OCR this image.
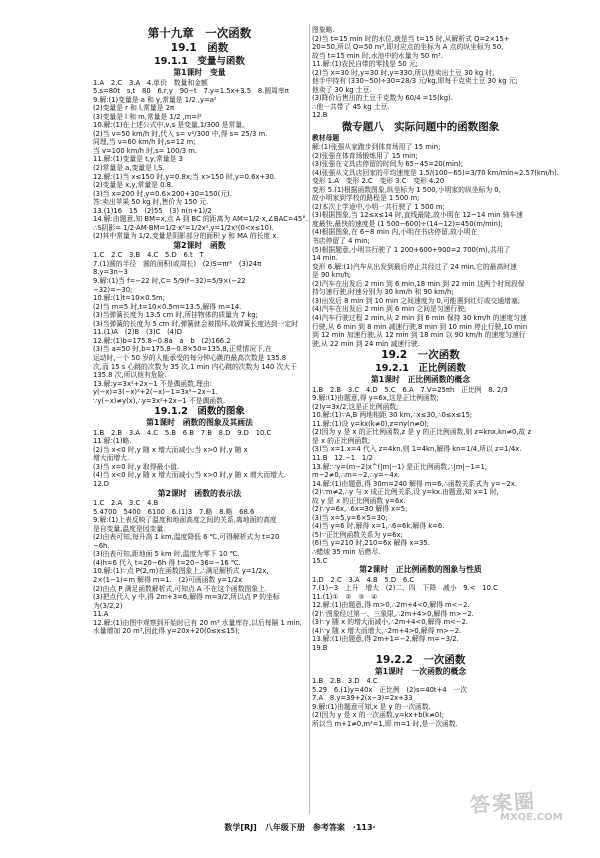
第十九章　一次函数
19.1　函数
19.1.1　变量与函数
第1课时　变量
1.A　2.C　3.A　4.单价　数量和金额
5.s=80t　s,t　80　6.r,y　90−t　7.y=1.5x+3.5　8.圆周率π
9.解:(1)变量是 a 和 y,常量是 1/2 ,y=a²
(2)变量是 r 和 l,常量是 2π
(3)变量是 l 和 m,常量是 1/2 ,m=l²
10.解:(1)在上述公式中,v,s 是变量,1/300 是常量。
(2)当 v=50 km/h 时,代入 s= v²/300 中,得 s= 25/3 m.
同理,当 v=60 km/h 时,s=12 m;
当 v=100 km/h 时,s= 100/3 m.
11.解:(1)变量是 t,y,常量是 3
(2)常量是 a,变量是 l,S.
12.解:(1)当 x≤150 时,y=0.8x;当 x>150 时,y=0.6x+30.
(2)变量是 x,y,常量是 0.8.
(3)当 x=200 时,y=0.6×200+30=150(元).
答:卖出苹果 50 kg 时,售价为 150 元.
13.(1)16　15　(2)55　(3) n(n+1)/2
14.解:由题意,知 BM=x,点 A 到 BC 的距离为 AM=1/2·x,∠BAC=45°.
∴S阴影= 1/2·AM·BM=1/2·x²=1/2x²,y=1/2x²(0<x≤10).
(2)其中常量为 1/2,变量是阴影部分的面积 y 和 MA 的长度 x.
第2课时　函数
1.C　2.C　3.B　4.C　5.D　6.t　T
7.(1)圆的半径　圆的面积(或周长)　(2)S=πr²　(3)24π
8.y=3n−3
9.解:(1)当 f=−22 时,C= 5/9(f−32)=5/9×(−22
−32)=−30;
10.解:(1)t=10×0.5m;
(2)当 m=5 时,t=10×0.5m=13.5,解得 m=14.
(3)当弹簧长度为 13.5 cm 时,所挂物体的质量为 7 kg;
(3)当弹簧的长度为 5 cm 时,弹簧就会被损坏,故弹簧长度达到一定时
11.(1)A　(2)B　(3)C　(4)D
12.解:(1)b=175.8−0.8a　a　b　(2)166.2
(3)当 a=50 时,b=175.8−0.8×50=135.8,正常情况下,在
运动时,一个 50 岁的人能承受的每分钟心跳的最高次数是 135.8
次,而 15 s 心跳的次数为 35 次,1 min 内心跳的次数为 140 次大于
135.8 次,所以他有危险.
13.解:y=3x²+2x−1 不是偶函数,理由:
y(−x)=3(−x)²+2(−x)−1=3x²−2x−1.
∵y(−x)≠y(x),∴y=3x²+2x−1 不是偶函数.
19.1.2　函数的图象
第1课时　函数的图象及其画法
1.B　2.B　3.A　4.C　5.B　6.B　7.B　8.D　9.D　10.C
11.解:(1)略.
(2)当 x<0 时,y 随 x 增大而减小;当 x>0 时,y 随 x
增大而增大.
(3)当 x=0 时,y 取得最小值.
(4)当 x<0 时,y 随 x 增大而减小;当 x>0 时,y 随 x 增大而增大.
12.D
第2课时　函数的表示法
1.C　2.A　3.C　4.B
5.4700　5400　6100　6.(1)3　7.略　8.略　68.6
9.解:(1)上表反映了温度和地面高度之间的关系,离地面的高度
是自变量,温度是因变量.
(2)由表可知,每升高 1 km,温度降低 6 ℃,可得解析式为 t=20
−6h.
(3)由表可知,距地面 5 km 时,温度为零下 10 ℃.
(4)h=6 代入 t=20−6h 得 t=20−36=−16 ℃.
10.解:(1)∵点 P(2,m)在函数图象上,∴满足解析式 y=1/2x,
2×(1−1)=m 解得 m=1.　(2)可画函数 y=1/2x
(2)由点 P 满足函数解析式,可知点 A 不在这个函数图象上.
(3)把点代入 y 中,得 2m+3=6,解得 m=3/2,所以点 P 的坐标
为(3/2,2)
11.A
12.解:(1)由图中观察到开始时已有 20 m³ 水量库存,以后每隔 1 min,
水量增加 20 m³,因此得 y=20x+20(0≤x≤15);
图象略.
(2)当 t=15 min 时的水位,就是当 t=15 时,从解析式 Q=2×15+
20=50,所以 Q=50 m³,即对应点的坐标为 A 点的纵坐标为 50,
故当 t=15 min 时,水池中的水量为 50 m³.
11.解:(1)农民自带的零钱是 50 元;
(2)当 x=30 时,y=30 时,y=330,所以他卖出土豆 30 kg 时,
他手中持有 (330−50)÷30=28/3 元/kg,即每千克卖土豆 30 kg 元;
他卖了 30 kg 土豆.
(3)降价后售出的土豆千克数为 60/4 =15(kg).
∴他一共带了 45 kg 土豆.
12.B
微专题八　实际问题中的函数图象
教材母题
解:(1)张强从家跑步到体育场用了 15 min;
(2)张强在体育场锻炼用了 15 min;
(3)张强在文具店停留的时间为 65−45=20(min);
(4)张强从文具店回家的平均速度是 1.5/(100−65)=3/70 km/min≈2.57(km/h).
变形 1.A　变形 2.C　变形 3.C　变形 4.20
变形 5.(1)根据函数图象,纵坐标为 1 500,小明家的纵坐标为 0,
故小明家到学校的路程是 1 500 m;
(2)本次上学途中,小明一共行驶了 1 500 m;
(3)根据图象,当 12≤x≤14 时,直线最陡,故小明在 12~14 min 骑车速
度最快,最快的速度是 (1 500−600)÷(14−12)=450(m/min);
(4)根据图象,在 6~8 min 内,小明在书店停留,故小明在
书店停留了 4 min;
(5)根据题意,小明共行驶了 1 200+600+900=2 700(m),共用了
14 min.
变形 6.解:(1)汽车从出发到最后停止共经过了 24 min,它的最高时速
是 90 km/h;
(2)汽车在出发后 2 min 到 6 min,18 min 到 22 min 这两个时间段保
持匀速行驶,时速分别为 30 km/h 和 90 km/h;
(3)出发后 8 min 到 10 min 之间速度为 0,可能遇到红灯或交通堵塞;
(4)汽车在出发后 2 min 到 6 min 之间是匀速行驶;
(4)汽车行驶过程 2 min,从 2 min 到 6 min 保持 30 km/h 的速度匀速
行驶,从 6 min 到 8 min 减速行驶,8 min 到 10 min 停止行驶,10 min
到 12 min 加速行驶,从 12 min 到 18 min 以 90 km/h 的速度匀速行
驶,从 22 min 到 24 min 减速行驶.
19.2　一次函数
19.2.1　正比例函数
第1课时　正比例函数的概念
1.B　2.B　3.C　4.D　5.C　6.A　7.V=25πh　正比例　8. 2/3
9.解:(1)由题意,得 y=6x,这是正比例函数;
(2)y=3x/2,这是正比例函数;
10.解:(1)∵A,B 两地相距 30 km,∴x≤30,∴0≤x≤15;
11.解:(1)设 y=kx(k≠0),z=ny(n≠0);
(2)因为 y 是 x 的正比例函数,z 是 y 的正比例函数,则 z=knx,kn≠0,故 z
是 x 的正比例函数;
(3)当 x=1.x=4 代入 z=4kn,则 1=4kn,解得 kn=1/4,所以 z=1/4x.
11.B　12.−1　1/2
13.解:∵y=(m−2)x^(|m|−1) 是正比例函数,∴|m|−1=1,
m−2≠0,∴m=−2,∴y=−4x.
14.解:(1)由题意,得 30m=240 解得 m=6,∴函数关系式为 y=−2x.
(2)∵m≠2,∴y 与 x 成正比例关系,设 y=kx.由题意,知 x=1 时,
故 y 是 x 的正比例函数 y=6x.
(2)∵y=6x,∴6x=30 解得 x=5;
(3)当 x=5,y=6×5=30;
(4)当 y=6 时,解得 x=1,∴6=6k,解得 k=6.
(5)∵正比例函数关系为 y=6x;
(6)当 y=210 时,210=6x 解得 x=35.
∴蜡烛 35 min 后燃尽.
15.C
第2课时　正比例函数的图象与性质
1.D　2.C　3.A　4.B　5.D　6.C
7.(1)−3　上升　增大　(2)二、四　下降　减小　9.<　10.C
11.(1)①　②　③　④
12.解:(1)由题意,得 m>0,∴2m+4<0,解得 m<−2.
(2)∵图象经过第一、三象限,∴2m+4>0,解得 m>−2.
(3)∵y 随 x 的增大而减小,∴2m+4<0,解得 m<−2.
(4)∵y 随 x 增大而增大,∴2m+4>0,解得 m>−2.
13.解:(1)由题意,得 2m+1=−2,解得 m=−3/2.
19.B
19.2.2　一次函数
第1课时　一次函数的概念
1.B　2.B　3.D　4.C
5.29　6.(1)y=40x　正比例　(2)s=40t+4　一次
7.A　8.y=39+2(x−3)=2x+33
9.解:(1)由题意可知,x 是 y 的一次函数.
(2)因为 y 是 x 的一次函数,y=kx+b(k≠0);
所以当 m+1≠0,m²=1,即 m=1 时,是一次函数.
数学[RJ]　八年级下册　参考答案　·113·
答案圈
MXQE.COM
